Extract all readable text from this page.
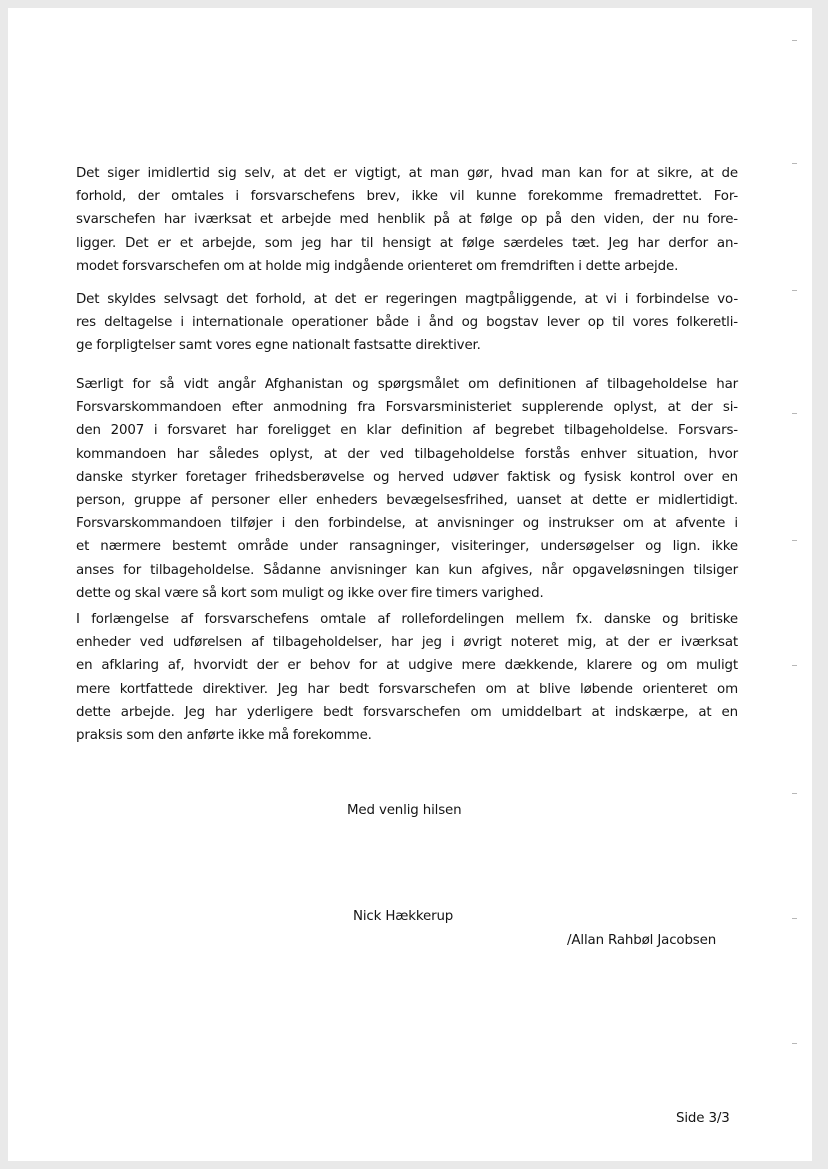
Det siger imidlertid sig selv, at det er vigtigt, at man gør, hvad man kan for at sikre, at de
forhold, der omtales i forsvarschefens brev, ikke vil kunne forekomme fremadrettet. For-
svarschefen har iværksat et arbejde med henblik på at følge op på den viden, der nu fore-
ligger. Det er et arbejde, som jeg har til hensigt at følge særdeles tæt. Jeg har derfor an-
modet forsvarschefen om at holde mig indgående orienteret om fremdriften i dette arbejde.
Det skyldes selvsagt det forhold, at det er regeringen magtpåliggende, at vi i forbindelse vo-
res deltagelse i internationale operationer både i ånd og bogstav lever op til vores folkeretli-
ge forpligtelser samt vores egne nationalt fastsatte direktiver.
Særligt for så vidt angår Afghanistan og spørgsmålet om definitionen af tilbageholdelse har
Forsvarskommandoen efter anmodning fra Forsvarsministeriet supplerende oplyst, at der si-
den 2007 i forsvaret har foreligget en klar definition af begrebet tilbageholdelse. Forsvars-
kommandoen har således oplyst, at der ved tilbageholdelse forstås enhver situation, hvor
danske styrker foretager frihedsberøvelse og herved udøver faktisk og fysisk kontrol over en
person, gruppe af personer eller enheders bevægelsesfrihed, uanset at dette er midlertidigt.
Forsvarskommandoen tilføjer i den forbindelse, at anvisninger og instrukser om at afvente i
et nærmere bestemt område under ransagninger, visiteringer, undersøgelser og lign. ikke
anses for tilbageholdelse. Sådanne anvisninger kan kun afgives, når opgaveløsningen tilsiger
dette og skal være så kort som muligt og ikke over fire timers varighed.
I forlængelse af forsvarschefens omtale af rollefordelingen mellem fx. danske og britiske
enheder ved udførelsen af tilbageholdelser, har jeg i øvrigt noteret mig, at der er iværksat
en afklaring af, hvorvidt der er behov for at udgive mere dækkende, klarere og om muligt
mere kortfattede direktiver. Jeg har bedt forsvarschefen om at blive løbende orienteret om
dette arbejde. Jeg har yderligere bedt forsvarschefen om umiddelbart at indskærpe, at en
praksis som den anførte ikke må forekomme.

Med venlig hilsen

Nick Hækkerup

/Allan Rahbøl Jacobsen

Side 3/3
